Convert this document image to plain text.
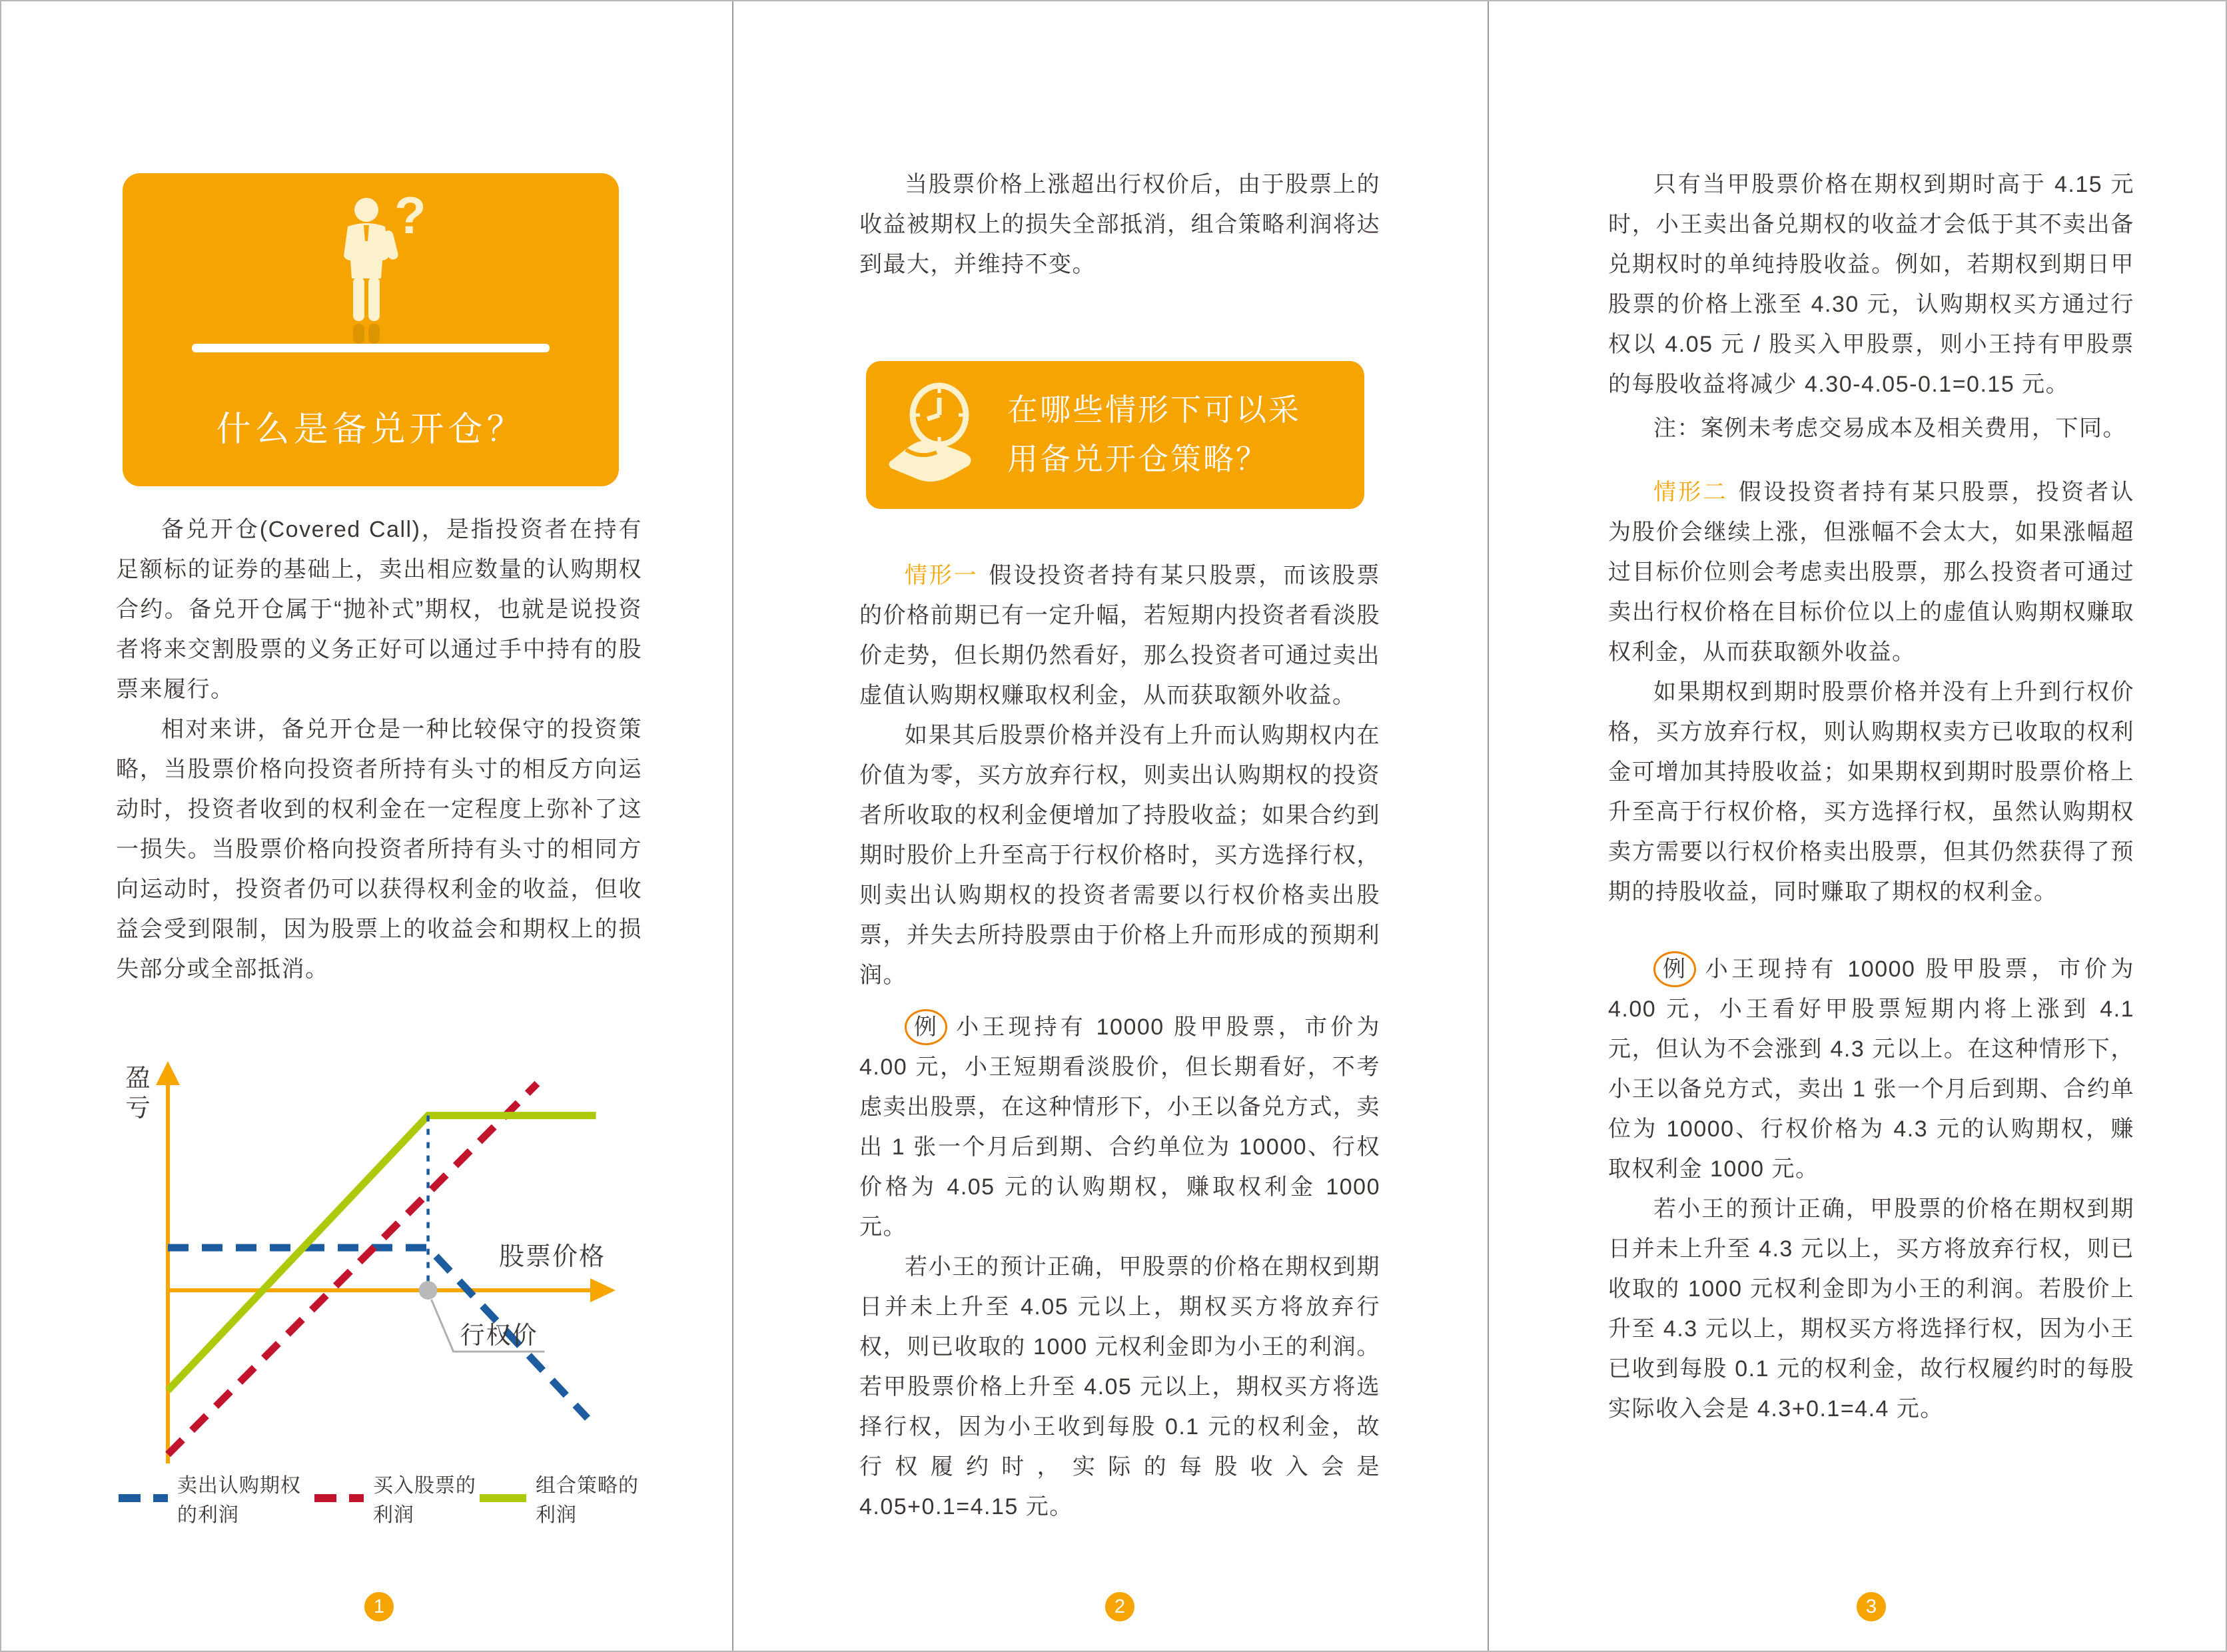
?
什么是备兑开仓？

备兑开仓(Covered Call)，是指投资者在持有足额标的证券的基础上，卖出相应数量的认购期权合约。备兑开仓属于“抛补式”期权，也就是说投资者将来交割股票的义务正好可以通过手中持有的股票来履行。

相对来讲，备兑开仓是一种比较保守的投资策略，当股票价格向投资者所持有头寸的相反方向运动时，投资者收到的权利金在一定程度上弥补了这一损失。当股票价格向投资者所持有头寸的相同方向运动时，投资者仍可以获得权利金的收益，但收益会受到限制，因为股票上的收益会和期权上的损失部分或全部抵消。

盈亏
行权价
股票价格
卖出认购期权的利润
买入股票的利润
组合策略的利润
1

当股票价格上涨超出行权价后，由于股票上的收益被期权上的损失全部抵消，组合策略利润将达到最大，并维持不变。

在哪些情形下可以采
用备兑开仓策略？

情形一 假设投资者持有某只股票，而该股票的价格前期已有一定升幅，若短期内投资者看淡股价走势，但长期仍然看好，那么投资者可通过卖出虚值认购期权赚取权利金，从而获取额外收益。

如果其后股票价格并没有上升而认购期权内在价值为零，买方放弃行权，则卖出认购期权的投资者所收取的权利金便增加了持股收益；如果合约到期时股价上升至高于行权价格时，买方选择行权，则卖出认购期权的投资者需要以行权价格卖出股票，并失去所持股票由于价格上升而形成的预期利润。

例 小王现持有 10000 股甲股票，市价为 4.00 元，小王短期看淡股价，但长期看好，不考虑卖出股票，在这种情形下，小王以备兑方式，卖出 1 张一个月后到期、合约单位为 10000、行权价格为 4.05 元的认购期权，赚取权利金 1000 元。

若小王的预计正确，甲股票的价格在期权到期日并未上升至 4.05 元以上，期权买方将放弃行权，则已收取的 1000 元权利金即为小王的利润。若甲股票价格上升至 4.05 元以上，期权买方将选择行权，因为小王收到每股 0.1 元的权利金，故行权履约时，实际的每股收入会是 4.05+0.1=4.15 元。

2

只有当甲股票价格在期权到期时高于 4.15 元时，小王卖出备兑期权的收益才会低于其不卖出备兑期权时的单纯持股收益。例如，若期权到期日甲股票的价格上涨至 4.30 元，认购期权买方通过行权以 4.05 元 / 股买入甲股票，则小王持有甲股票的每股收益将减少 4.30-4.05-0.1=0.15 元。

注：案例未考虑交易成本及相关费用，下同。

情形二 假设投资者持有某只股票，投资者认为股价会继续上涨，但涨幅不会太大，如果涨幅超过目标价位则会考虑卖出股票，那么投资者可通过卖出行权价格在目标价位以上的虚值认购期权赚取权利金，从而获取额外收益。

如果期权到期时股票价格并没有上升到行权价格，买方放弃行权，则认购期权卖方已收取的权利金可增加其持股收益；如果期权到期时股票价格上升至高于行权价格，买方选择行权，虽然认购期权卖方需要以行权价格卖出股票，但其仍然获得了预期的持股收益，同时赚取了期权的权利金。

例 小王现持有 10000 股甲股票，市价为 4.00 元，小王看好甲股票短期内将上涨到 4.1 元，但认为不会涨到 4.3 元以上。在这种情形下，小王以备兑方式，卖出 1 张一个月后到期、合约单位为 10000、行权价格为 4.3 元的认购期权，赚取权利金 1000 元。

若小王的预计正确，甲股票的价格在期权到期日并未上升至 4.3 元以上，买方将放弃行权，则已收取的 1000 元权利金即为小王的利润。若股价上升至 4.3 元以上，期权买方将选择行权，因为小王已收到每股 0.1 元的权利金，故行权履约时的每股实际收入会是 4.3+0.1=4.4 元。

3
